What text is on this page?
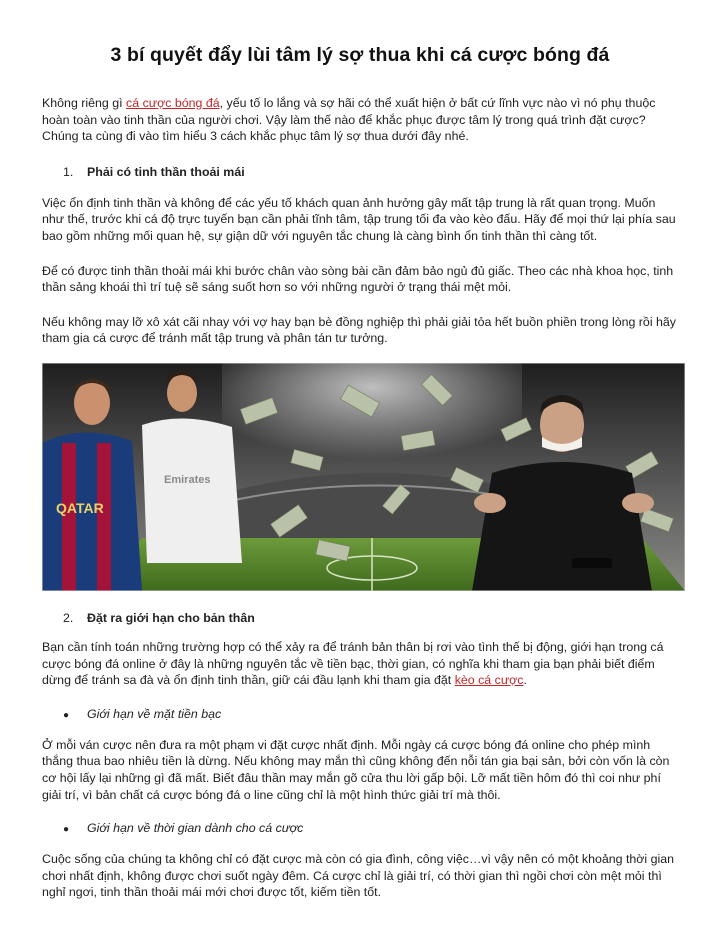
3 bí quyết đẩy lùi tâm lý sợ thua khi cá cược bóng đá

Không riêng gì cá cược bóng đá, yếu tố lo lắng và sợ hãi có thể xuất hiện ở bất cứ lĩnh vực nào vì nó phụ thuộc hoàn toàn vào tinh thần của người chơi. Vậy làm thế nào để khắc phục được tâm lý trong quá trình đặt cược? Chúng ta cùng đi vào tìm hiểu 3 cách khắc phục tâm lý sợ thua dưới đây nhé.

1.	Phải có tinh thần thoải mái

Việc ổn định tinh thần và không để các yếu tố khách quan ảnh hưởng gây mất tập trung là rất quan trọng. Muốn như thế, trước khi cá độ trực tuyến bạn cần phải tĩnh tâm, tập trung tối đa vào kèo đấu. Hãy để mọi thứ lại phía sau bao gồm những mối quan hệ, sự giận dữ với nguyên tắc chung là càng bình ổn tinh thần thì càng tốt.

Để có được tinh thần thoải mái khi bước chân vào sòng bài cần đảm bảo ngủ đủ giấc. Theo các nhà khoa học, tinh thần sảng khoái thì trí tuệ sẽ sáng suốt hơn so với những người ở trạng thái mệt mỏi.

Nếu không may lỡ xô xát cãi nhay với vợ hay bạn bè đồng nghiệp thì phải giải tỏa hết buồn phiền trong lòng rồi hãy tham gia cá cược để tránh mất tập trung và phân tán tư tưởng.

QATAR
Emirates
2.	Đặt ra giới hạn cho bản thân

Bạn cần tính toán những trường hợp có thể xảy ra để tránh bản thân bị rơi vào tình thế bị động, giới hạn trong cá cược bóng đá online ở đây là những nguyên tắc về tiền bạc, thời gian, có nghĩa khi tham gia bạn phải biết điểm dừng để tránh sa đà và ổn định tinh thần, giữ cái đầu lạnh khi tham gia đặt kèo cá cược.

●	Giới hạn về mặt tiền bạc

Ở mỗi ván cược nên đưa ra một phạm vi đặt cược nhất định. Mỗi ngày cá cược bóng đá online cho phép mình thắng thua bao nhiêu tiền là dừng. Nếu không may mắn thì cũng không đến nỗi tán gia bại sản, bởi còn vốn là còn cơ hội lấy lại những gì đã mất. Biết đâu thần may mắn gõ cửa thu lời gấp bội. Lỡ mất tiền hôm đó thì coi như phí giải trí, vì bản chất cá cược bóng đá o line cũng chỉ là một hình thức giải trí mà thôi.

●	Giới hạn về thời gian dành cho cá cược

Cuộc sống của chúng ta không chỉ có đặt cược mà còn có gia đình, công việc…vì vậy nên có một khoảng thời gian chơi nhất định, không được chơi suốt ngày đêm. Cá cược chỉ là giải trí, có thời gian thì ngồi chơi còn mệt mỏi thì nghỉ ngơi, tinh thần thoải mái mới chơi được tốt, kiếm tiền tốt.
